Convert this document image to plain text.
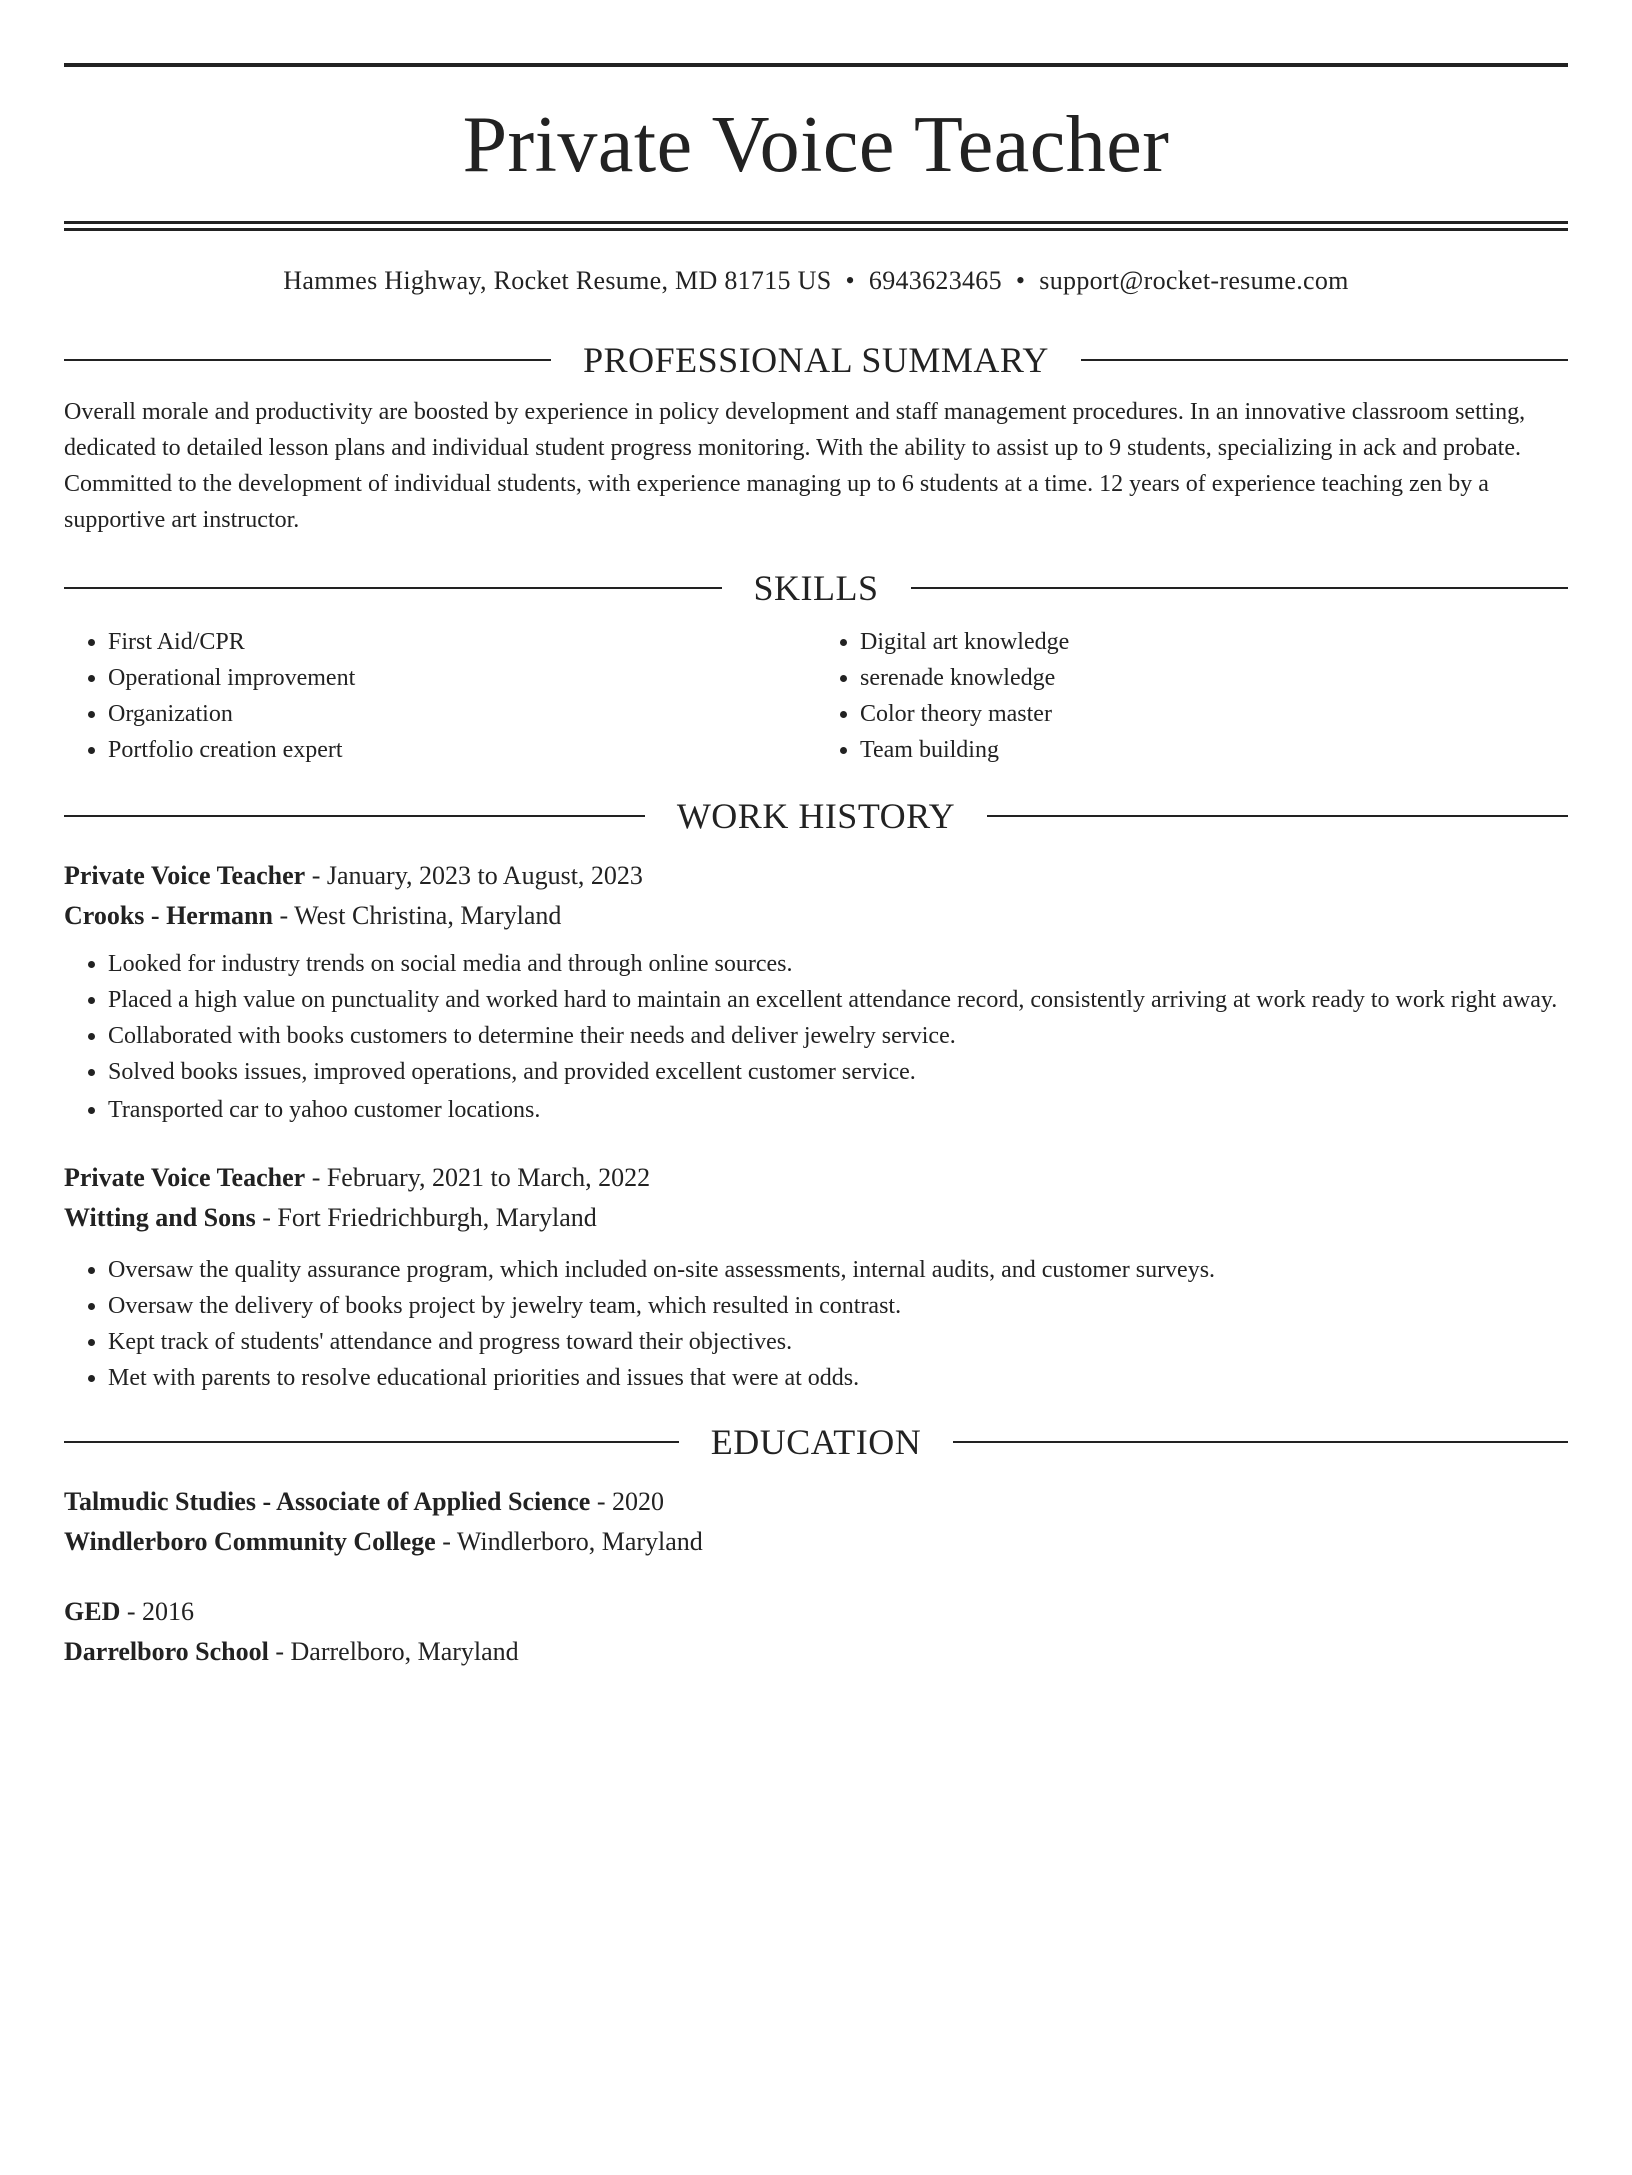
Private Voice Teacher
Hammes Highway, Rocket Resume, MD 81715 US • 6943623465 • support@rocket-resume.com
PROFESSIONAL SUMMARY

Overall morale and productivity are boosted by experience in policy development and staff management procedures. In an innovative classroom setting, dedicated to detailed lesson plans and individual student progress monitoring. With the ability to assist up to 9 students, specializing in ack and probate. Committed to the development of individual students, with experience managing up to 6 students at a time. 12 years of experience teaching zen by a supportive art instructor.

SKILLS
• First Aid/CPR
• Operational improvement
• Organization
• Portfolio creation expert
• Digital art knowledge
• serenade knowledge
• Color theory master
• Team building
WORK HISTORY
Private Voice Teacher - January, 2023 to August, 2023
Crooks - Hermann - West Christina, Maryland
• Looked for industry trends on social media and through online sources.
• Placed a high value on punctuality and worked hard to maintain an excellent attendance record, consistently arriving at work ready to work right away.
• Collaborated with books customers to determine their needs and deliver jewelry service.
• Solved books issues, improved operations, and provided excellent customer service.
• Transported car to yahoo customer locations.
Private Voice Teacher - February, 2021 to March, 2022
Witting and Sons - Fort Friedrichburgh, Maryland
• Oversaw the quality assurance program, which included on-site assessments, internal audits, and customer surveys.
• Oversaw the delivery of books project by jewelry team, which resulted in contrast.
• Kept track of students' attendance and progress toward their objectives.
• Met with parents to resolve educational priorities and issues that were at odds.
EDUCATION
Talmudic Studies - Associate of Applied Science - 2020
Windlerboro Community College - Windlerboro, Maryland
GED - 2016
Darrelboro School - Darrelboro, Maryland
